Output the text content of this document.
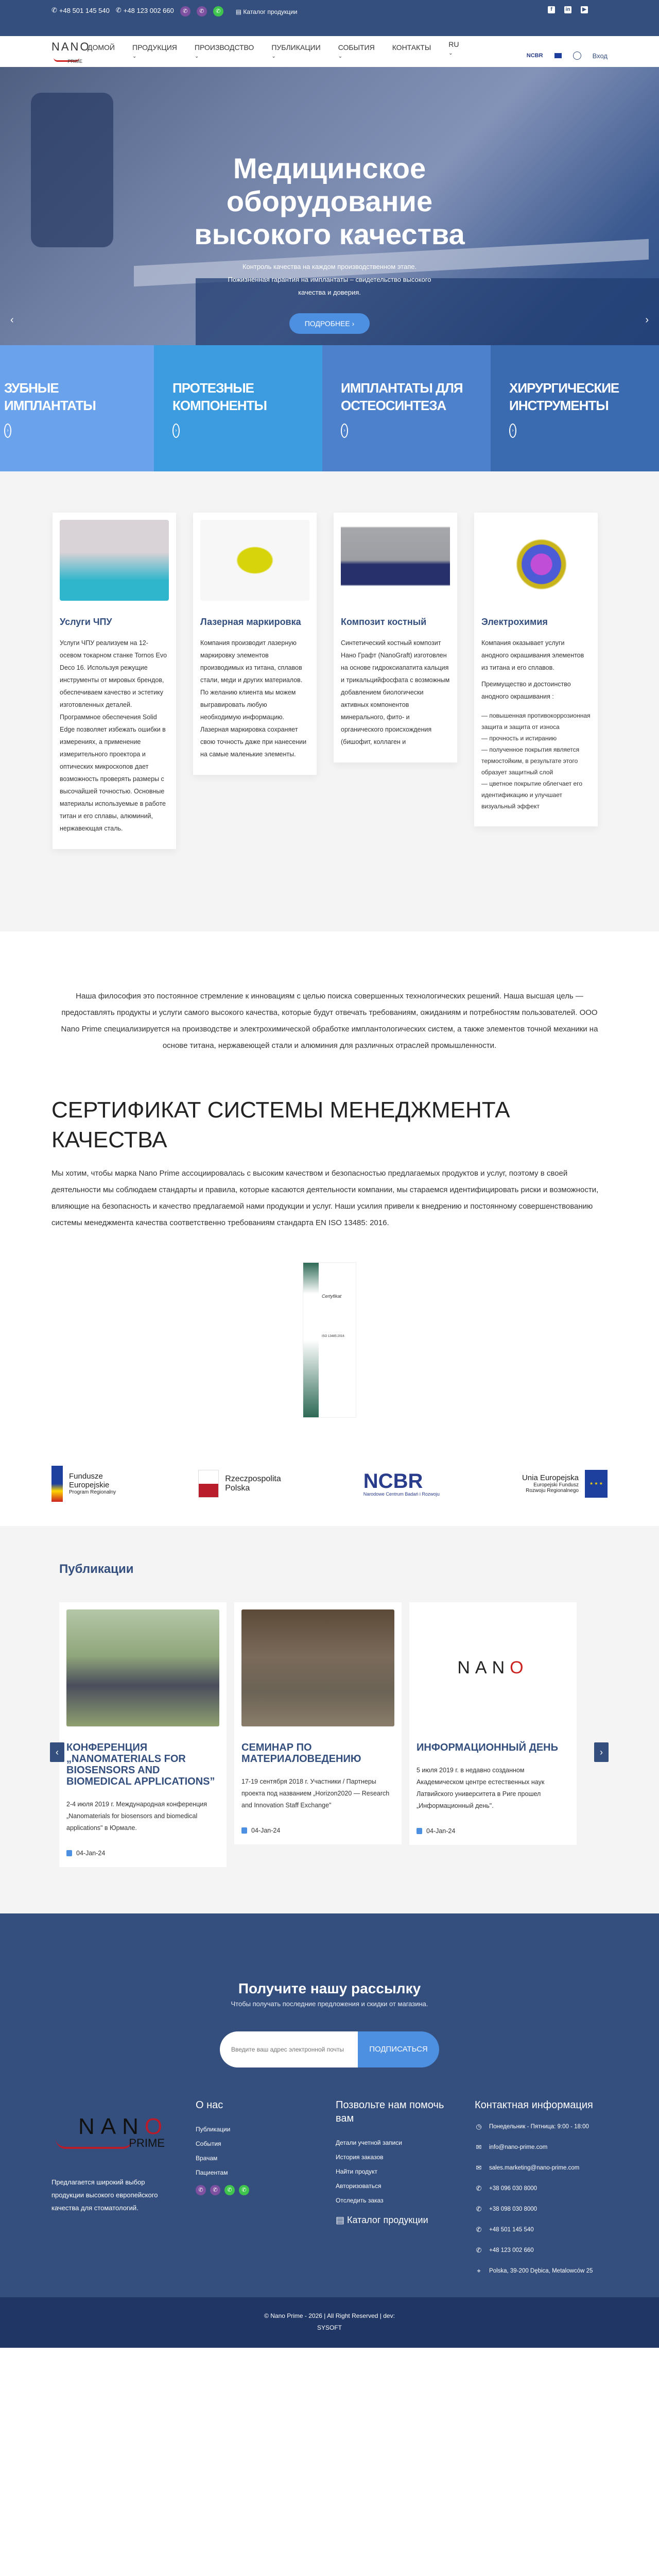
✆ +48 501 145 540 ✆ +48 123 002 660	✆	✆	✆	▤ Каталог продукции	f	in	▶
NANO
PRIME
ДОМОЙ ПРОДУКЦИЯ
⌄
ПРОИЗВОДСТВО
⌄
ПУБЛИКАЦИИ
⌄
СОБЫТИЯ
⌄
КОНТАКТЫ RU
⌄	NCBR	Вход
‹	›
Медицинское оборудование высокого качества

Контроль качества на каждом производственном этапе. Пожизненная гарантия на имплантаты – свидетельство высокого качества и доверия.

ПОДРОБНЕЕ ›
ЗУБНЫЕ ИМПЛАНТАТЫ
›
ПРОТЕЗНЫЕ КОМПОНЕНТЫ
›
ИМПЛАНТАТЫ ДЛЯ ОСТЕОСИНТЕЗА
›
ХИРУРГИЧЕСКИЕ ИНСТРУМЕНТЫ
›
Услуги ЧПУ

Услуги ЧПУ реализуем на 12-осевом токарном станке Tornos Evo Deco 16. Используя режущие инструменты от мировых брендов, обеспечиваем качество и эстетику изготовленных деталей. Программное обеспечения Solid Edge позволяет избежать ошибки в измерениях, а применение измерительного проектора и оптических микроскопов дает возможность проверять размеры с высочайшей точностью. Основные материалы используемые в работе титан и его сплавы, алюминий, нержавеющая сталь.

Лазерная маркировка

Компания производит лазерную маркировку элементов производимых из титана, сплавов стали, меди и других материалов. По желанию клиента мы можем выгравировать любую необходимую информацию. Лазерная маркировка сохраняет свою точность даже при нанесении на самые маленькие элементы.

Композит костный

Синтетический костный композит Нано Графт (NanoGraft) изготовлен на основе гидроксиапатита кальция и трикальцийфосфата с возможным добавлением биологически активных компонентов минерального, фито- и органического происхождения (бишофит, коллаген и

Электрохимия

Компания оказывает услуги анодного окрашивания элементов из титана и его сплавов.

Преимущество и достоинство анодного окрашивания :

— повышенная противокоррозионная защита и защита от износа
— прочность и истиранию
— полученное покрытия является термостойким, в результате этого образует защитный слой
— цветное покрытие облегчает его идентификацию и улучшает визуальный эффект

Наша философия это постоянное стремление к инновациям с целью поиска совершенных технологических решений. Наша высшая цель — предоставлять продукты и услуги самого высокого качества, которые будут отвечать требованиям, ожиданиям и потребностям пользователей. ООО Nano Prime специализируется на производстве и электрохимической обработке имплантологических систем, а также элементов точной механики на основе титана, нержавеющей стали и алюминия для различных отраслей промышленности.

СЕРТИФИКАТ СИСТЕМЫ МЕНЕДЖМЕНТА КАЧЕСТВА

Мы хотим, чтобы марка Nano Prime ассоциировалась с высоким качеством и безопасностью предлагаемых продуктов и услуг, поэтому в своей деятельности мы соблюдаем стандарты и правила, которые касаются деятельности компании, мы стараемся идентифицировать риски и возможности, влияющие на безопасность и качество предлагаемой нами продукции и услуг. Наши усилия привели к внедрению и постоянному совершенствованию системы менеджмента качества соответственно требованиям стандарта EN ISO 13485: 2016.

Certyfikat
ISO 13485:2016
Fundusze
Europejskie
Program Regionalny
Rzeczpospolita
Polska	NCBR
Narodowe Centrum Badań i Rozwoju
Unia Europejska
Europejski Fundusz
Rozwoju Regionalnego
★ ★ ★
Публикации
КОНФЕРЕНЦИЯ „NANOMATERIALS FOR BIOSENSORS AND BIOMEDICAL APPLICATIONS”

2-4 июля 2019 г. Международная конференция „Nanomaterials for biosensors and biomedical applications" в Юрмале.

04-Jan-24
СЕМИНАР ПО МАТЕРИАЛОВЕДЕНИЮ

17-19 сентября 2018 г. Участники / Партнеры проекта под названием „Horizon2020 — Research and Innovation Staff Exchange"

04-Jan-24
NAN O
ИНФОРМАЦИОННЫЙ ДЕНЬ

5 июля 2019 г. в недавно созданном Академическом центре естественных наук Латвийского университета в Риге прошел „Информационный день".

04-Jan-24
‹	›
Получите нашу рассылку

Чтобы получать последние предложения и скидки от магазина.

Введите ваш адрес электронной почты
ПОДПИСАТЬСЯ
NANO
PRIME

Предлагается широкий выбор продукции высокого европейского качества для стоматологий.

О нас
Публикации
События
Врачам
Пациентам
✆	✆	✆	✆
Позвольте нам помочь вам
Детали учетной записи
История заказов
Найти продукт
Авторизоваться
Отследить заказ
▤ Каталог продукции
Контактная информация
◷ Понедельник - Пятница: 9:00 - 18:00
✉ info@nano-prime.com
✉ sales.marketing@nano-prime.com
✆ +38 096 030 8000
✆ +38 098 030 8000
✆ +48 501 145 540
✆ +48 123 002 660
⌖	Polska, 39-200 Dębica, Metalowców 25

© Nano Prime - 2026 | All Right Reserved | dev: SYSOFT
